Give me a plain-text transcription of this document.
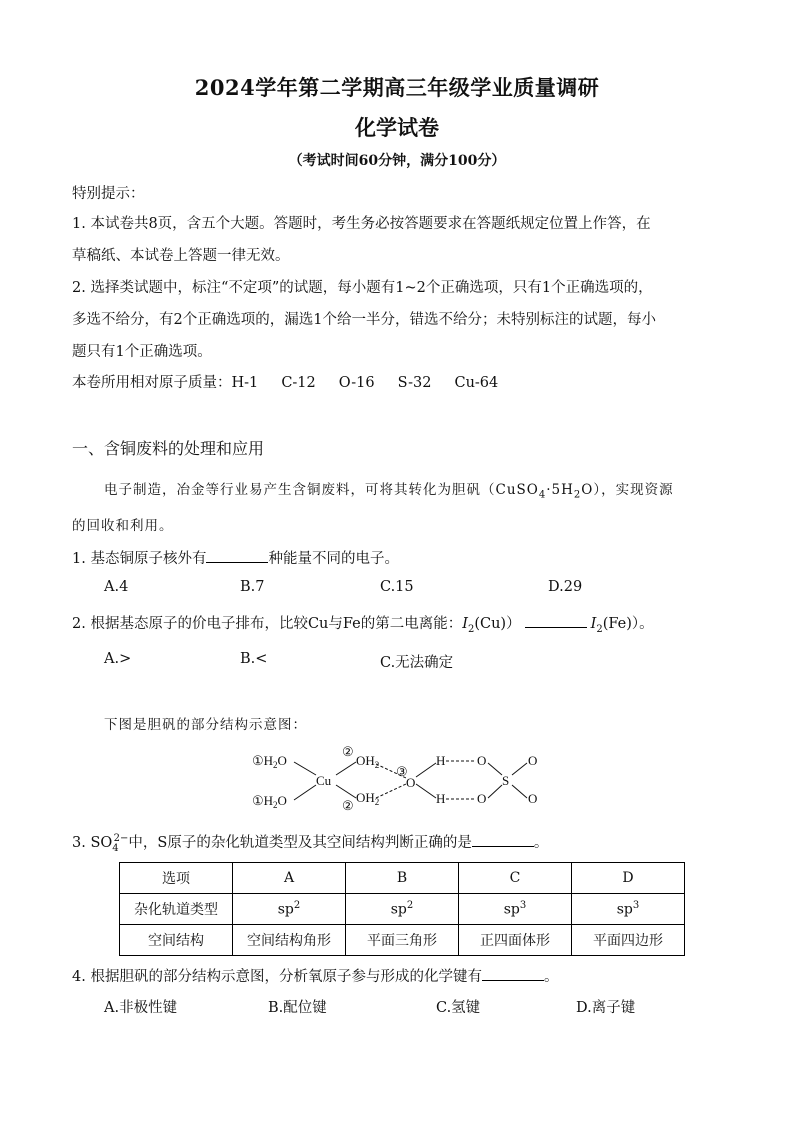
2024学年第二学期高三年级学业质量调研
化学试卷
（考试时间60分钟，满分100分）
特别提示：
1. 本试卷共8页，含五个大题。答题时，考生务必按答题要求在答题纸规定位置上作答，在
草稿纸、本试卷上答题一律无效。
2. 选择类试题中，标注“不定项”的试题，每小题有1~2个正确选项，只有1个正确选项的，
多选不给分，有2个正确选项的，漏选1个给一半分，错选不给分；未特别标注的试题，每小
题只有1个正确选项。
本卷所用相对原子质量：H-1     C-12     O-16     S-32     Cu-64
一、含铜废料的处理和应用
电子制造，冶金等行业易产生含铜废料，可将其转化为胆矾$(CuSO_4\cdot 5H_2O)$，实现资源
的回收和利用。
1. 基态铜原子核外有	种能量不同的电子。
A.4	B.7	C.15	D.29
2. 根据基态原子的价电子排布，比较Cu与Fe的第二电离能：$I_2(Cu)$）	$I_2(Fe)$）。
A.>	B.<	C.无法确定
下图是胆矾的部分结构示意图：
$①H_2O$
$①H_2O$
Cu
②
$OH_2$
②
$OH_2$
③
O
H
H
O
O
S
O
O
3. $SO_4^{2-}$中，S原子的杂化轨道类型及其空间结构判断正确的是	。
选项	A	B	C	D
杂化轨道类型	$sp^2$	$sp^2$	$sp^3$	$sp^3$
空间结构	空间结构角形	平面三角形	正四面体形	平面四边形
4. 根据胆矾的部分结构示意图，分析氧原子参与形成的化学键有	。
A.非极性键	B.配位键	C.氢键	D.离子键
